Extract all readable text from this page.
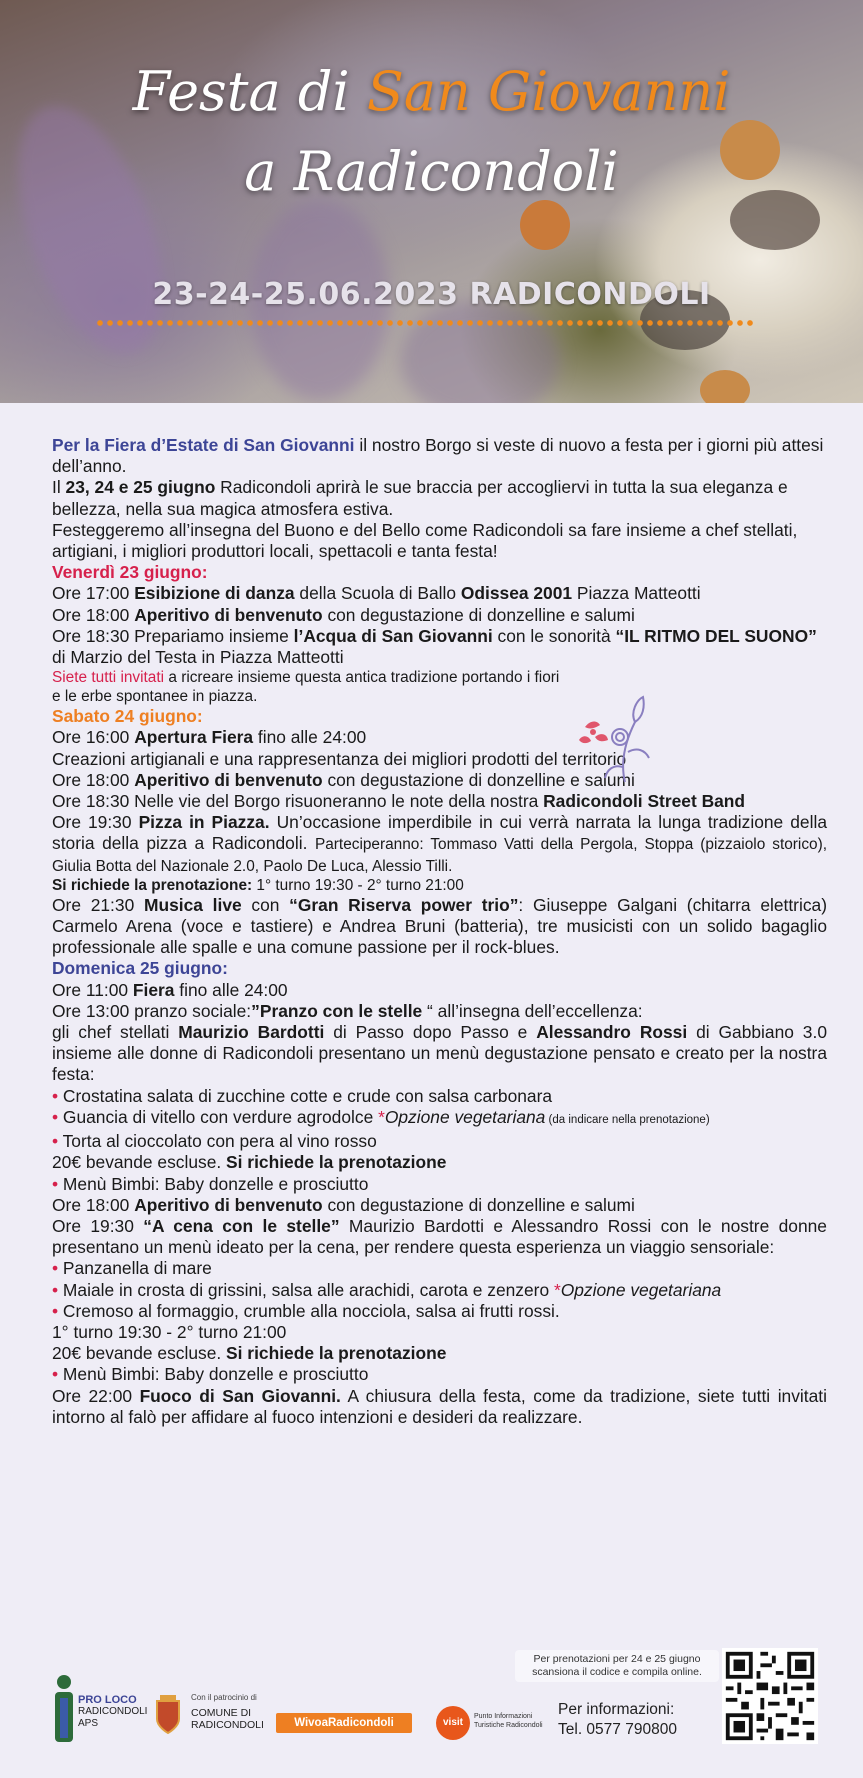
Festa di San Giovanni
a Radicondoli
23-24-25.06.2023 RADICONDOLI

Per la Fiera d’Estate di San Giovanni il nostro Borgo si veste di nuovo a festa per i giorni più attesi dell’anno.

Il 23, 24 e 25 giugno Radicondoli aprirà le sue braccia per accogliervi in tutta la sua eleganza e bellezza, nella sua magica atmosfera estiva.

Festeggeremo all’insegna del Buono e del Bello come Radicondoli sa fare insieme a chef stellati, artigiani, i migliori produttori locali, spettacoli e tanta festa!

Venerdì 23 giugno:

Ore 17:00 Esibizione di danza della Scuola di Ballo Odissea 2001 Piazza Matteotti

Ore 18:00 Aperitivo di benvenuto con degustazione di donzelline e salumi

Ore 18:30 Prepariamo insieme l’Acqua di San Giovanni con le sonorità “IL RITMO DEL SUONO” di Marzio del Testa in Piazza Matteotti

Siete tutti invitati a ricreare insieme questa antica tradizione portando i fiori e le erbe spontanee in piazza.

Sabato 24 giugno:

Ore 16:00 Apertura Fiera fino alle 24:00

Creazioni artigianali e una rappresentanza dei migliori prodotti del territorio

Ore 18:00 Aperitivo di benvenuto con degustazione di donzelline e salumi

Ore 18:30 Nelle vie del Borgo risuoneranno le note della nostra Radicondoli Street Band

Ore 19:30 Pizza in Piazza. Un’occasione imperdibile in cui verrà narrata la lunga tradizione della storia della pizza a Radicondoli. Parteciperanno: Tommaso Vatti della Pergola, Stoppa (pizzaiolo storico), Giulia Botta del Nazionale 2.0, Paolo De Luca, Alessio Tilli.

Si richiede la prenotazione: 1° turno 19:30 - 2° turno 21:00

Ore 21:30 Musica live con “Gran Riserva power trio”: Giuseppe Galgani (chitarra elettrica) Carmelo Arena (voce e tastiere) e Andrea Bruni (batteria), tre musicisti con un solido bagaglio professionale alle spalle e una comune passione per il rock-blues.

Domenica 25 giugno:

Ore 11:00 Fiera fino alle 24:00

Ore 13:00 pranzo sociale:”Pranzo con le stelle “ all’insegna dell’eccellenza:

gli chef stellati Maurizio Bardotti di Passo dopo Passo e Alessandro Rossi di Gabbiano 3.0 insieme alle donne di Radicondoli presentano un menù degustazione pensato e creato per la nostra festa:

• Crostatina salata di zucchine cotte e crude con salsa carbonara

• Guancia di vitello con verdure agrodolce *Opzione vegetariana (da indicare nella prenotazione)

• Torta al cioccolato con pera al vino rosso

20€ bevande escluse. Si richiede la prenotazione

• Menù Bimbi: Baby donzelle e prosciutto

Ore 18:00 Aperitivo di benvenuto con degustazione di donzelline e salumi

Ore 19:30 “A cena con le stelle” Maurizio Bardotti e Alessandro Rossi con le nostre donne presentano un menù ideato per la cena, per rendere questa esperienza un viaggio sensoriale:

• Panzanella di mare

• Maiale in crosta di grissini, salsa alle arachidi, carota e zenzero *Opzione vegetariana

• Cremoso al formaggio, crumble alla nocciola, salsa ai frutti rossi.

1° turno 19:30 - 2° turno 21:00

20€ bevande escluse. Si richiede la prenotazione

• Menù Bimbi: Baby donzelle e prosciutto

Ore 22:00 Fuoco di San Giovanni. A chiusura della festa, come da tradizione, siete tutti invitati intorno al falò per affidare al fuoco intenzioni e desideri da realizzare.

Per prenotazioni per 24 e 25 giugno scansiona il codice e compila online.
PRO LOCO
RADICONDOLI
APS
Con il patrocinio di
COMUNE DI
RADICONDOLI	WivoaRadicondoli	visit
Punto Informazioni
Turistiche Radicondoli
Per informazioni:
Tel. 0577 790800
